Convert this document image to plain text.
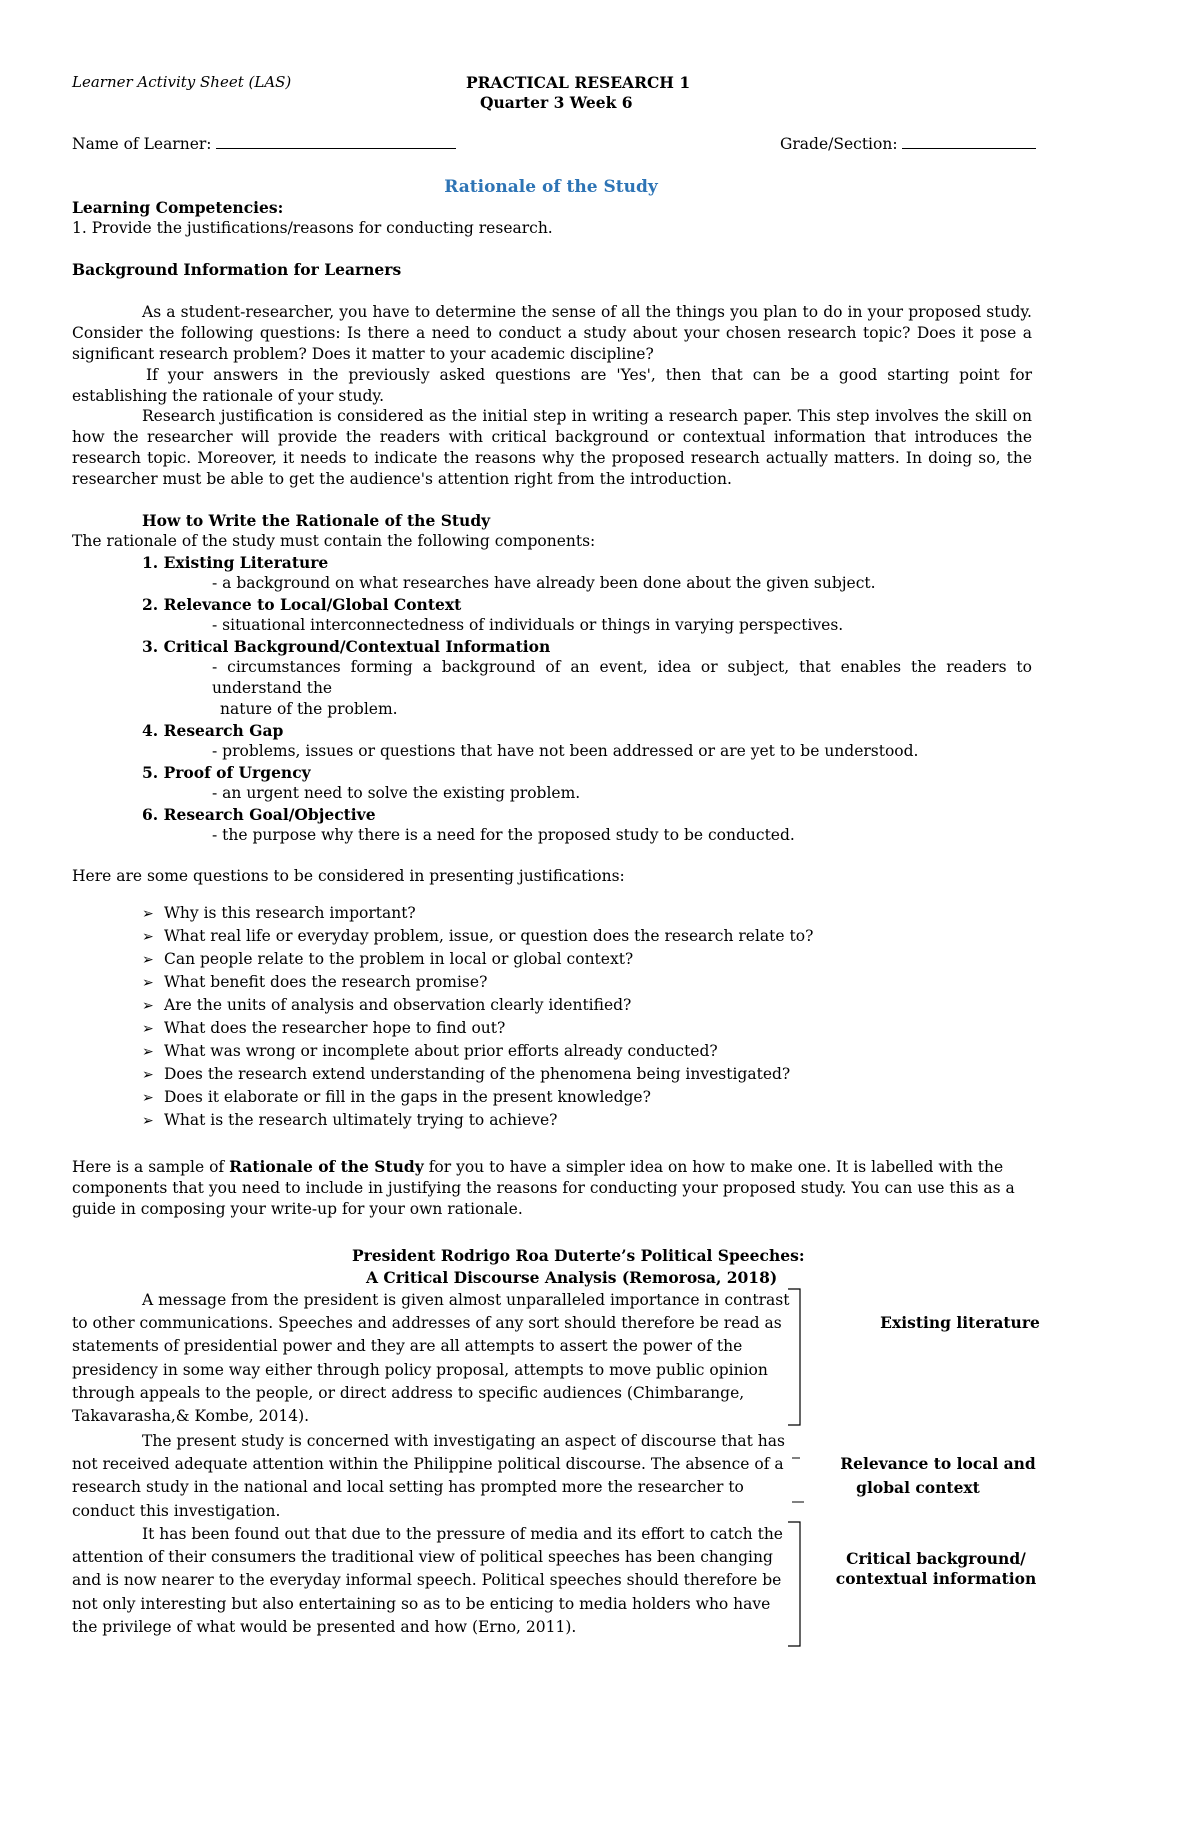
Learner Activity Sheet (LAS)	PRACTICAL RESEARCH 1
Quarter 3 Week 6
Name of Learner:	Grade/Section:
Rationale of the Study
Learning Competencies:
1. Provide the justifications/reasons for conducting research.
Background Information for Learners
As a student-researcher, you have to determine the sense of all the things you plan to do in your proposed study. Consider the following questions: Is there a need to conduct a study about your chosen research topic? Does it pose a significant research problem? Does it matter to your academic discipline?
If your answers in the previously asked questions are 'Yes', then that can be a good starting point for establishing the rationale of your study.
Research justification is considered as the initial step in writing a research paper. This step involves the skill on how the researcher will provide the readers with critical background or contextual information that introduces the research topic. Moreover, it needs to indicate the reasons why the proposed research actually matters. In doing so, the researcher must be able to get the audience's attention right from the introduction.
How to Write the Rationale of the Study
The rationale of the study must contain the following components:
1. Existing Literature
- a background on what researches have already been done about the given subject.
2. Relevance to Local/Global Context
- situational interconnectedness of individuals or things in varying perspectives.
3. Critical Background/Contextual Information
- circumstances forming a background of an event, idea or subject, that enables the readers to understand the
nature of the problem.
4. Research Gap
- problems, issues or questions that have not been addressed or are yet to be understood.
5. Proof of Urgency
- an urgent need to solve the existing problem.
6. Research Goal/Objective
- the purpose why there is a need for the proposed study to be conducted.
Here are some questions to be considered in presenting justifications:
➢ Why is this research important?
➢ What real life or everyday problem, issue, or question does the research relate to?
➢ Can people relate to the problem in local or global context?
➢ What benefit does the research promise?
➢ Are the units of analysis and observation clearly identified?
➢ What does the researcher hope to find out?
➢ What was wrong or incomplete about prior efforts already conducted?
➢ Does the research extend understanding of the phenomena being investigated?
➢ Does it elaborate or fill in the gaps in the present knowledge?
➢ What is the research ultimately trying to achieve?
Here is a sample of Rationale of the Study for you to have a simpler idea on how to make one. It is labelled with the components that you need to include in justifying the reasons for conducting your proposed study. You can use this as a guide in composing your write-up for your own rationale.
President Rodrigo Roa Duterte’s Political Speeches:
A Critical Discourse Analysis (Remorosa, 2018)
A message from the president is given almost unparalleled importance in contrast to other communications. Speeches and addresses of any sort should therefore be read as statements of presidential power and they are all attempts to assert the power of the presidency in some way either through policy proposal, attempts to move public opinion through appeals to the people, or direct address to specific audiences (Chimbarange, Takavarasha,& Kombe, 2014).
The present study is concerned with investigating an aspect of discourse that has not received adequate attention within the Philippine political discourse. The absence of a research study in the national and local setting has prompted more the researcher to conduct this investigation.
It has been found out that due to the pressure of media and its effort to catch the attention of their consumers the traditional view of political speeches has been changing and is now nearer to the everyday informal speech. Political speeches should therefore be not only interesting but also entertaining so as to be enticing to media holders who have the privilege of what would be presented and how (Erno, 2011).
Existing literature
Relevance to local and
global context
Critical background/
contextual information
